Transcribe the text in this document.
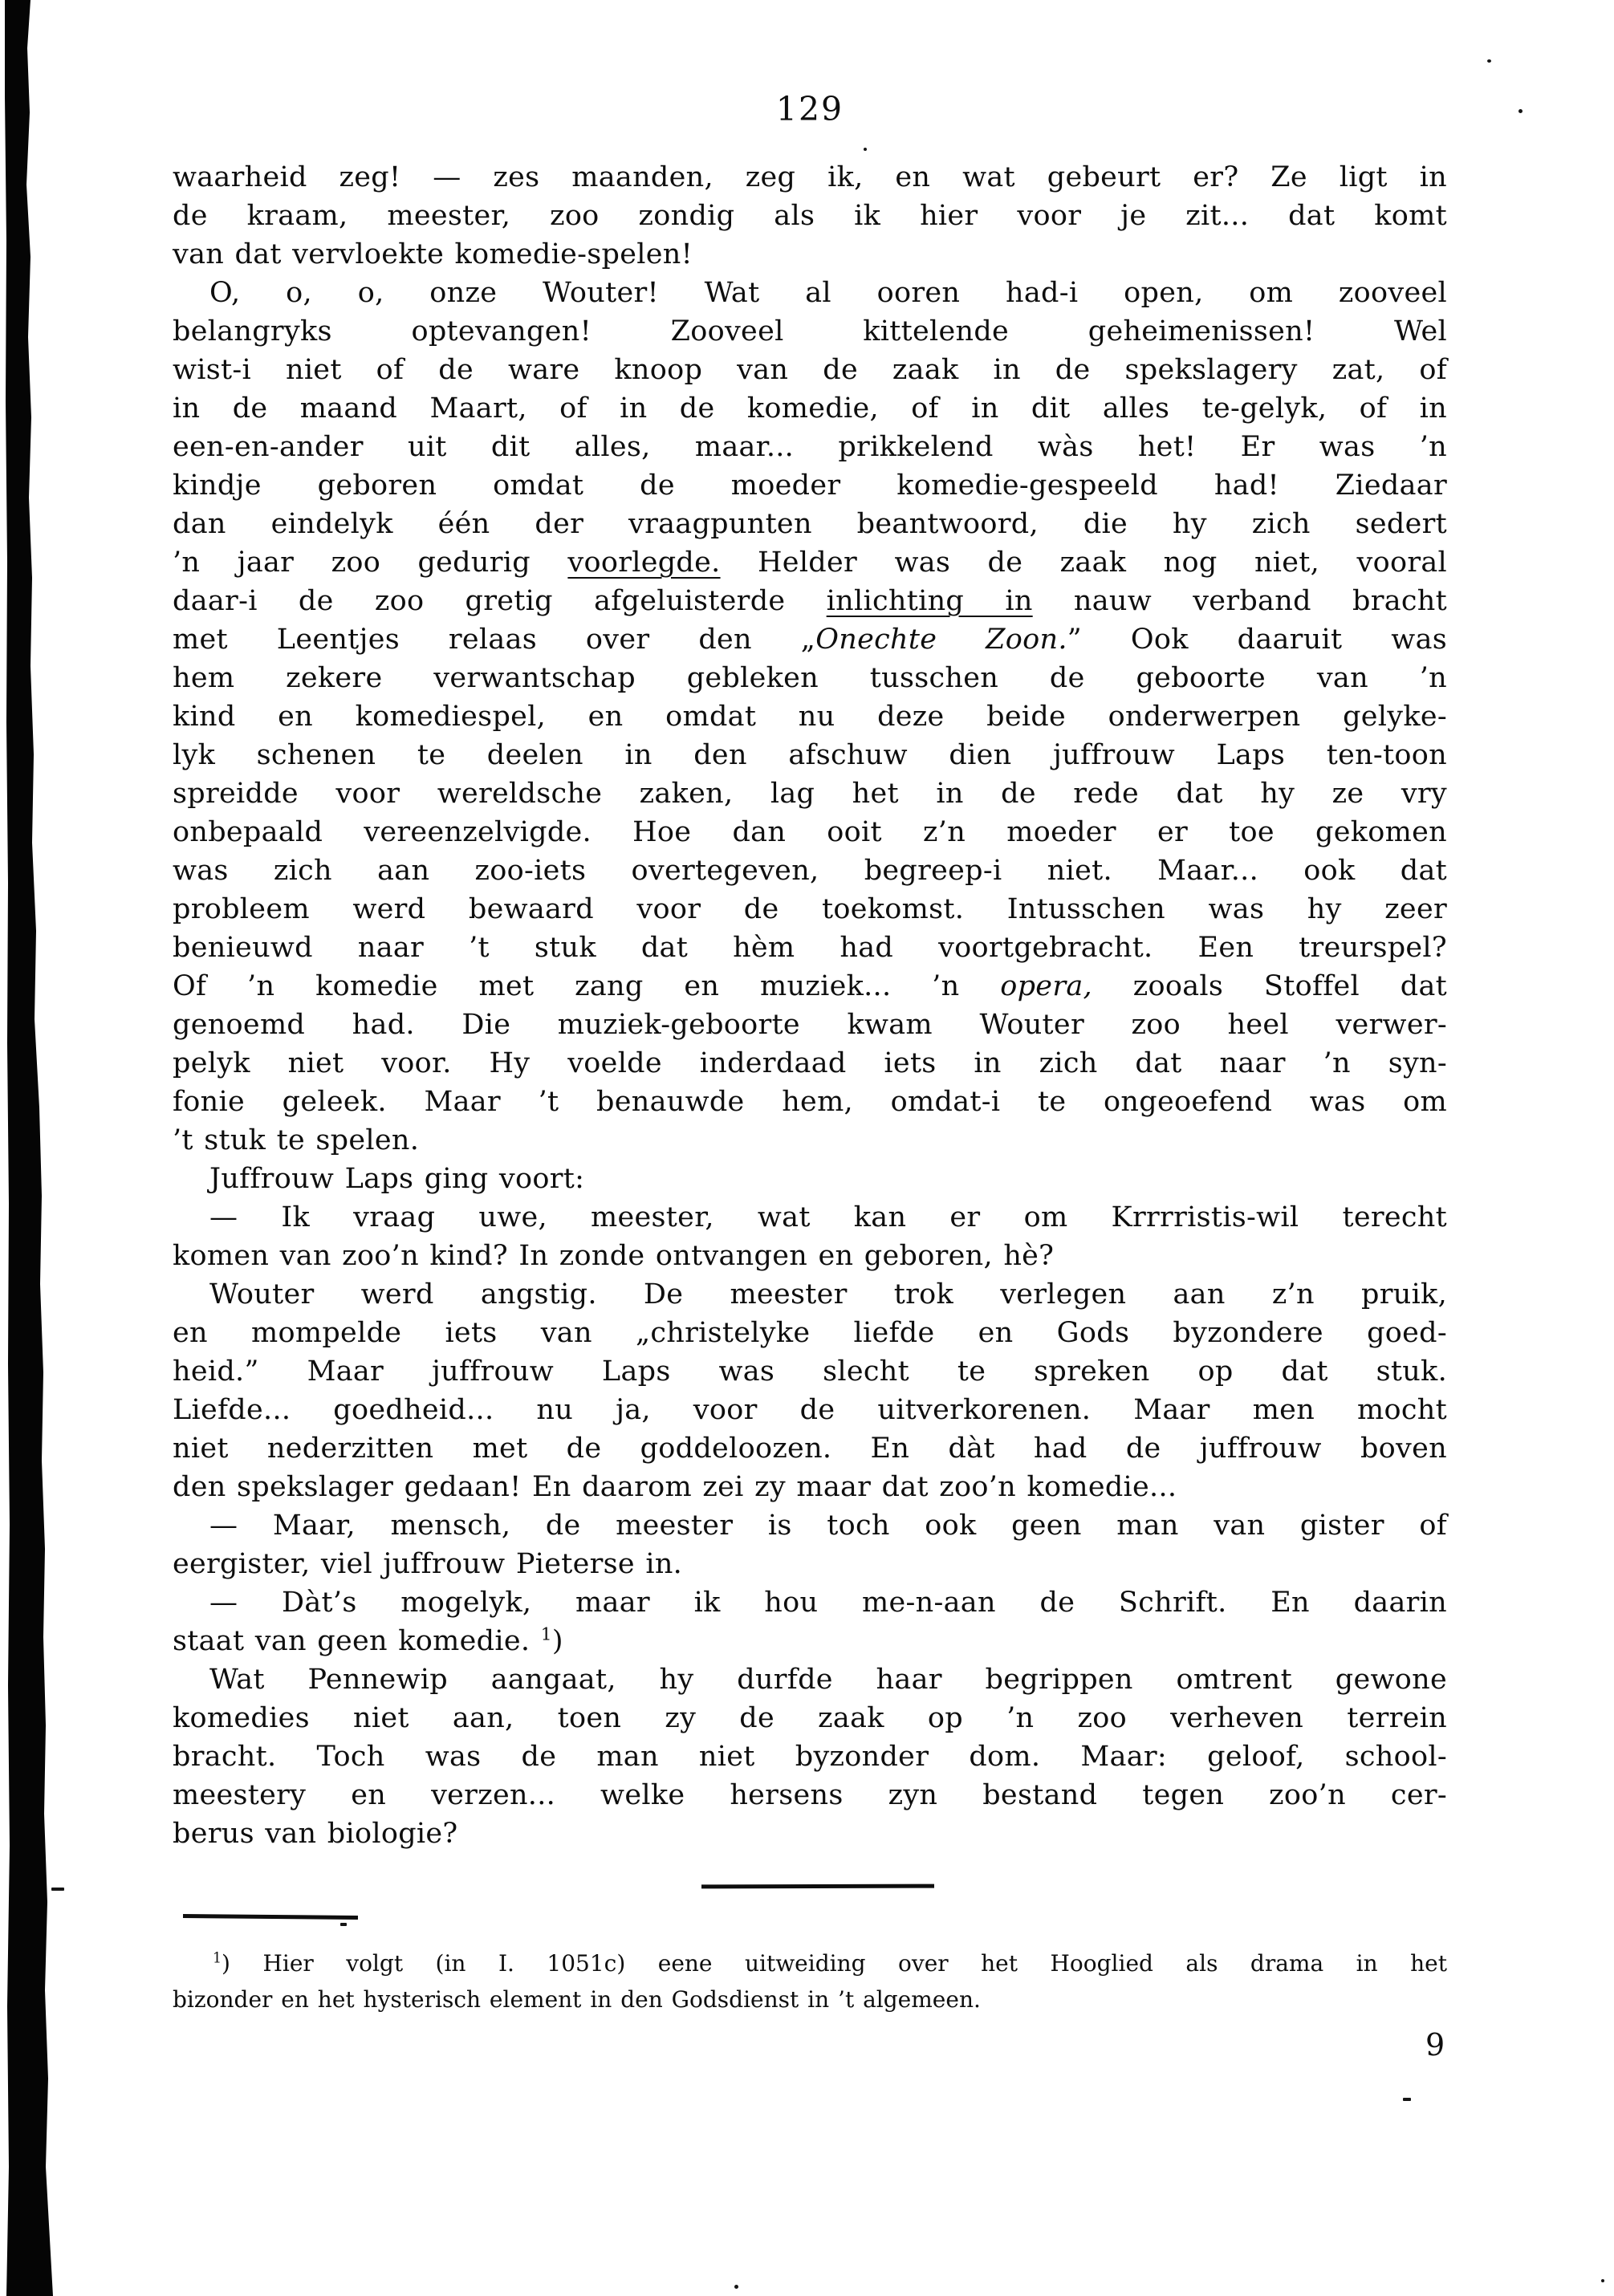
129
waarheid zeg! — zes maanden, zeg ik, en wat gebeurt er? Ze ligt in
de kraam, meester, zoo zondig als ik hier voor je zit... dat komt
van dat vervloekte komedie-spelen!
O, o, o, onze Wouter! Wat al ooren had-i open, om zooveel
belangryks optevangen! Zooveel kittelende geheimenissen! Wel
wist-i niet of de ware knoop van de zaak in de spekslagery zat, of
in de maand Maart, of in de komedie, of in dit alles te-gelyk, of in
een-en-ander uit dit alles, maar... prikkelend wàs het! Er was ’n
kindje geboren omdat de moeder komedie-gespeeld had! Ziedaar
dan eindelyk één der vraagpunten beantwoord, die hy zich sedert
’n jaar zoo gedurig voorlegde. Helder was de zaak nog niet, vooral
daar-i de zoo gretig afgeluisterde inlichting in nauw verband bracht
met Leentjes relaas over den „Onechte Zoon.” Ook daaruit was
hem zekere verwantschap gebleken tusschen de geboorte van ’n
kind en komediespel, en omdat nu deze beide onderwerpen gelyke-
lyk schenen te deelen in den afschuw dien juffrouw Laps ten-toon
spreidde voor wereldsche zaken, lag het in de rede dat hy ze vry
onbepaald vereenzelvigde. Hoe dan ooit z’n moeder er toe gekomen
was zich aan zoo-iets overtegeven, begreep-i niet. Maar... ook dat
probleem werd bewaard voor de toekomst. Intusschen was hy zeer
benieuwd naar ’t stuk dat hèm had voortgebracht. Een treurspel?
Of ’n komedie met zang en muziek... ’n opera, zooals Stoffel dat
genoemd had. Die muziek-geboorte kwam Wouter zoo heel verwer-
pelyk niet voor. Hy voelde inderdaad iets in zich dat naar ’n syn-
fonie geleek. Maar ’t benauwde hem, omdat-i te ongeoefend was om
’t stuk te spelen.
Juffrouw Laps ging voort:
— Ik vraag uwe, meester, wat kan er om Krrrristis-wil terecht
komen van zoo’n kind? In zonde ontvangen en geboren, hè?
Wouter werd angstig. De meester trok verlegen aan z’n pruik,
en mompelde iets van „christelyke liefde en Gods byzondere goed-
heid.” Maar juffrouw Laps was slecht te spreken op dat stuk.
Liefde... goedheid... nu ja, voor de uitverkorenen. Maar men mocht
niet nederzitten met de goddeloozen. En dàt had de juffrouw boven
den spekslager gedaan! En daarom zei zy maar dat zoo’n komedie...
— Maar, mensch, de meester is toch ook geen man van gister of
eergister, viel juffrouw Pieterse in.
— Dàt’s mogelyk, maar ik hou me-n-aan de Schrift. En daarin
staat van geen komedie. $^1$)
Wat Pennewip aangaat, hy durfde haar begrippen omtrent gewone
komedies niet aan, toen zy de zaak op ’n zoo verheven terrein
bracht. Toch was de man niet byzonder dom. Maar: geloof, school-
meestery en verzen... welke hersens zyn bestand tegen zoo’n cer-
berus van biologie?
$^1$) Hier volgt (in I. 1051c) eene uitweiding over het Hooglied als drama in het
bizonder en het hysterisch element in den Godsdienst in ’t algemeen.
9
